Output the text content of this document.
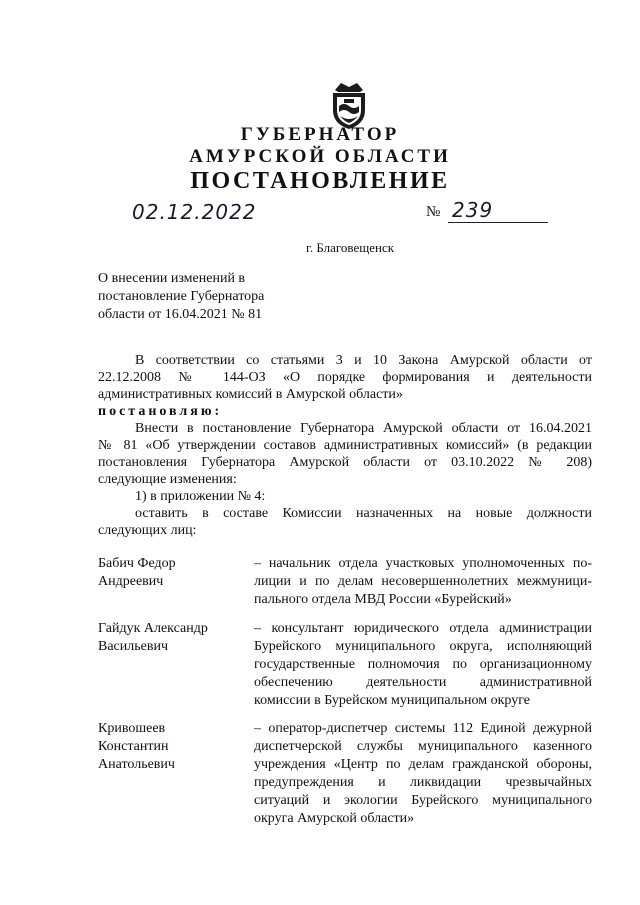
ГУБЕРНАТОР
АМУРСКОЙ ОБЛАСТИ
ПОСТАНОВЛЕНИЕ
02.12.2022	№ 239
г. Благовещенск
О внесении изменений в
постановление Губернатора
области от 16.04.2021 № 81
В соответствии со статьями 3 и 10 Закона Амурской области от
22.12.2008 № 144-ОЗ «О порядке формирования и деятельности
административных комиссий в Амурской области»
постановляю:
Внести в постановление Губернатора Амурской области от 16.04.2021
№ 81 «Об утверждении составов административных комиссий» (в редакции
постановления Губернатора Амурской области от 03.10.2022 № 208)
следующие изменения:
1) в приложении № 4:
оставить в составе Комиссии назначенных на новые должности
следующих лиц:
Бабич Федор
Андреевич
– начальник отдела участковых уполномоченных по-
лиции и по делам несовершеннолетних межмуници-
пального отдела МВД России «Бурейский»
Гайдук Александр
Васильевич
– консультант юридического отдела администрации
Бурейского муниципального округа, исполняющий
государственные полномочия по организационному
обеспечению деятельности административной
комиссии в Бурейском муниципальном округе
Кривошеев
Константин
Анатольевич
– оператор-диспетчер системы 112 Единой дежурной
диспетчерской службы муниципального казенного
учреждения «Центр по делам гражданской обороны,
предупреждения и ликвидации чрезвычайных
ситуаций и экологии Бурейского муниципального
округа Амурской области»
